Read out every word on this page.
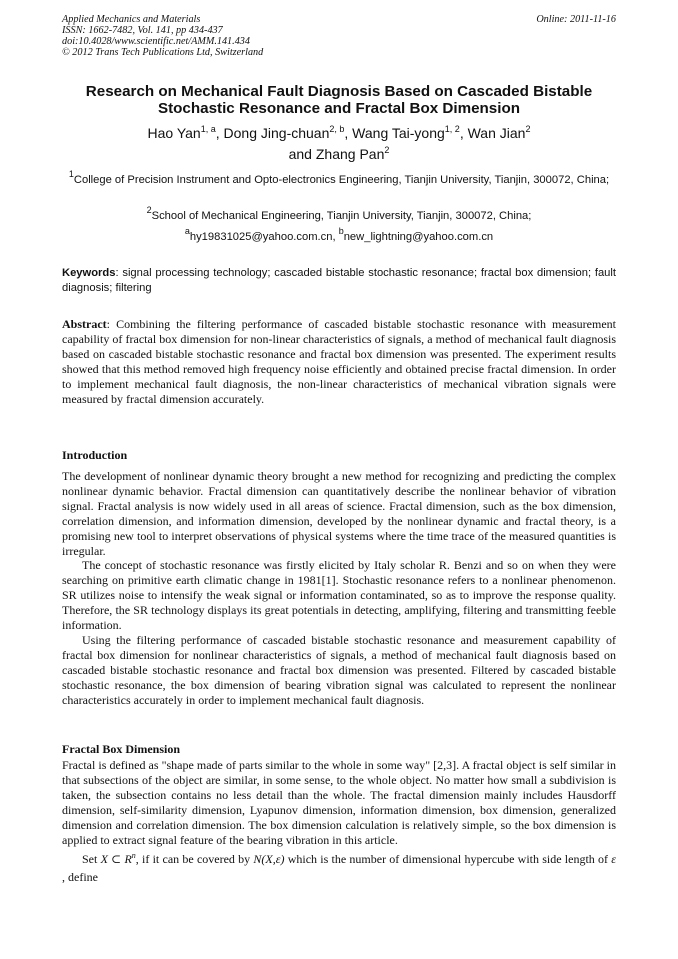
Applied Mechanics and Materials
ISSN: 1662-7482, Vol. 141, pp 434-437
doi:10.4028/www.scientific.net/AMM.141.434
© 2012 Trans Tech Publications Ltd, Switzerland
Online: 2011-11-16
Research on Mechanical Fault Diagnosis Based on Cascaded Bistable
Stochastic Resonance and Fractal Box Dimension
Hao Yan$^{1, a}$, Dong Jing-chuan$^{2, b}$, Wang Tai-yong$^{1, 2}$, Wan Jian$^2$
and Zhang Pan$^2$
$^1$College of Precision Instrument and Opto-electronics Engineering, Tianjin University, Tianjin, 300072, China;
$^2$School of Mechanical Engineering, Tianjin University, Tianjin, 300072, China;
$^a$hy19831025@yahoo.com.cn, $^b$new_lightning@yahoo.com.cn
Keywords: signal processing technology; cascaded bistable stochastic resonance; fractal box dimension; fault diagnosis; filtering
Abstract: Combining the filtering performance of cascaded bistable stochastic resonance with measurement capability of fractal box dimension for non-linear characteristics of signals, a method of mechanical fault diagnosis based on cascaded bistable stochastic resonance and fractal box dimension was presented. The experiment results showed that this method removed high frequency noise efficiently and obtained precise fractal dimension. In order to implement mechanical fault diagnosis, the non-linear characteristics of mechanical vibration signals were measured by fractal dimension accurately.
Introduction

The development of nonlinear dynamic theory brought a new method for recognizing and predicting the complex nonlinear dynamic behavior. Fractal dimension can quantitatively describe the nonlinear behavior of vibration signal. Fractal analysis is now widely used in all areas of science. Fractal dimension, such as the box dimension, correlation dimension, and information dimension, developed by the nonlinear dynamic and fractal theory, is a promising new tool to interpret observations of physical systems where the time trace of the measured quantities is irregular.

The concept of stochastic resonance was firstly elicited by Italy scholar R. Benzi and so on when they were searching on primitive earth climatic change in 1981[1]. Stochastic resonance refers to a nonlinear phenomenon. SR utilizes noise to intensify the weak signal or information contaminated, so as to improve the response quality. Therefore, the SR technology displays its great potentials in detecting, amplifying, filtering and transmitting feeble information.

Using the filtering performance of cascaded bistable stochastic resonance and measurement capability of fractal box dimension for nonlinear characteristics of signals, a method of mechanical fault diagnosis based on cascaded bistable stochastic resonance and fractal box dimension was presented. Filtered by cascaded bistable stochastic resonance, the box dimension of bearing vibration signal was calculated to represent the nonlinear characteristics accurately in order to implement mechanical fault diagnosis.

Fractal Box Dimension

Fractal is defined as "shape made of parts similar to the whole in some way" [2,3]. A fractal object is self similar in that subsections of the object are similar, in some sense, to the whole object. No matter how small a subdivision is taken, the subsection contains no less detail than the whole. The fractal dimension mainly includes Hausdorff dimension, self-similarity dimension, Lyapunov dimension, information dimension, box dimension, generalized dimension and correlation dimension. The box dimension calculation is relatively simple, so the box dimension is applied to extract signal feature of the bearing vibration in this article.

Set X ⊂ $R^n$, if it can be covered by N(X,ε) which is the number of dimensional hypercube with side length of ε , define
